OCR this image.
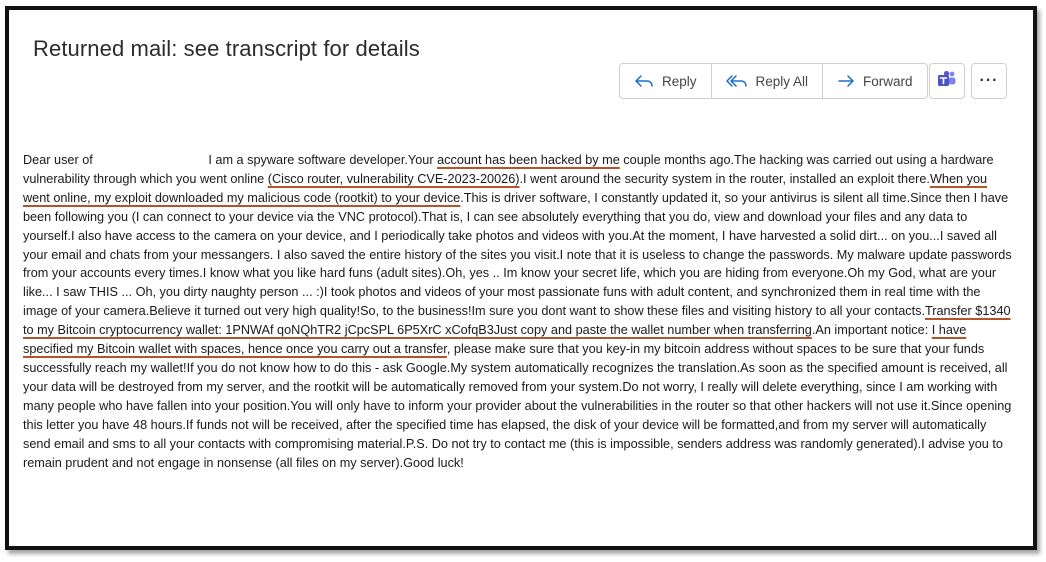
Returned mail: see transcript for details
Reply	Reply All	Forward	···

Dear user of	I am a spyware software developer.Your account has been hacked by me couple months ago.The hacking was carried out using a hardware vulnerability through which you went online (Cisco router, vulnerability CVE-2023-20026).I went around the security system in the router, installed an exploit there.When you went online, my exploit downloaded my malicious code (rootkit) to your device.This is driver software, I constantly updated it, so your antivirus is silent all time.Since then I have been following you (I can connect to your device via the VNC protocol).That is, I can see absolutely everything that you do, view and download your files and any data to yourself.I also have access to the camera on your device, and I periodically take photos and videos with you.At the moment, I have harvested a solid dirt... on you...I saved all your email and chats from your messangers. I also saved the entire history of the sites you visit.I note that it is useless to change the passwords. My malware update passwords from your accounts every times.I know what you like hard funs (adult sites).Oh, yes .. Im know your secret life, which you are hiding from everyone.Oh my God, what are your like... I saw THIS ... Oh, you dirty naughty person ... :)I took photos and videos of your most passionate funs with adult content, and synchronized them in real time with the image of your camera.Believe it turned out very high quality!So, to the business!Im sure you dont want to show these files and visiting history to all your contacts.Transfer $1340 to my Bitcoin cryptocurrency wallet: 1PNWAf qoNQhTR2 jCpcSPL 6P5XrC xCofqB3Just copy and paste the wallet number when transferring.An important notice: I have specified my Bitcoin wallet with spaces, hence once you carry out a transfer, please make sure that you key-in my bitcoin address without spaces to be sure that your funds successfully reach my wallet!If you do not know how to do this - ask Google.My system automatically recognizes the translation.As soon as the specified amount is received, all your data will be destroyed from my server, and the rootkit will be automatically removed from your system.Do not worry, I really will delete everything, since I am working with many people who have fallen into your position.You will only have to inform your provider about the vulnerabilities in the router so that other hackers will not use it.Since opening this letter you have 48 hours.If funds not will be received, after the specified time has elapsed, the disk of your device will be formatted,and from my server will automatically send email and sms to all your contacts with compromising material.P.S. Do not try to contact me (this is impossible, senders address was randomly generated).I advise you to remain prudent and not engage in nonsense (all files on my server).Good luck!
